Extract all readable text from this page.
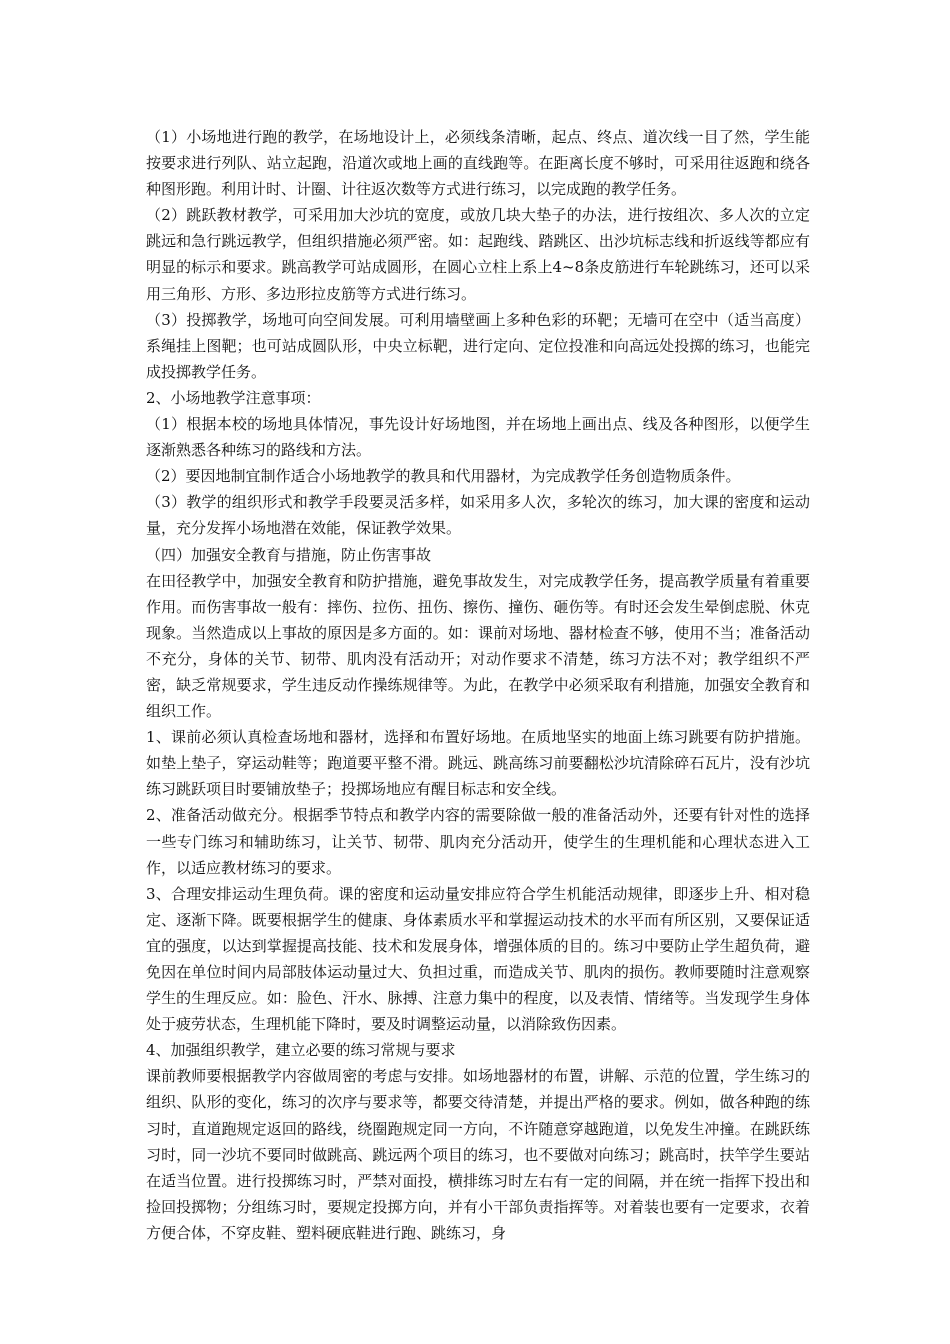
（1）小场地进行跑的教学，在场地设计上，必须线条清晰，起点、终点、道次线一目了然，学生能按要求进行列队、站立起跑，沿道次或地上画的直线跑等。在距离长度不够时，可采用往返跑和绕各种图形跑。利用计时、计圈、计往返次数等方式进行练习，以完成跑的教学任务。

（2）跳跃教材教学，可采用加大沙坑的宽度，或放几块大垫子的办法，进行按组次、多人次的立定跳远和急行跳远教学，但组织措施必须严密。如：起跑线、踏跳区、出沙坑标志线和折返线等都应有明显的标示和要求。跳高教学可站成圆形，在圆心立柱上系上4~8条皮筋进行车轮跳练习，还可以采用三角形、方形、多边形拉皮筋等方式进行练习。

（3）投掷教学，场地可向空间发展。可利用墙壁画上多种色彩的环靶；无墙可在空中（适当高度）系绳挂上图靶；也可站成圆队形，中央立标靶，进行定向、定位投准和向高远处投掷的练习，也能完成投掷教学任务。

2、小场地教学注意事项：

（1）根据本校的场地具体情况，事先设计好场地图，并在场地上画出点、线及各种图形，以便学生逐渐熟悉各种练习的路线和方法。

（2）要因地制宜制作适合小场地教学的教具和代用器材，为完成教学任务创造物质条件。

（3）教学的组织形式和教学手段要灵活多样，如采用多人次，多轮次的练习，加大课的密度和运动量，充分发挥小场地潜在效能，保证教学效果。

（四）加强安全教育与措施，防止伤害事故

在田径教学中，加强安全教育和防护措施，避免事故发生，对完成教学任务，提高教学质量有着重要作用。而伤害事故一般有：摔伤、拉伤、扭伤、擦伤、撞伤、砸伤等。有时还会发生晕倒虑脱、休克现象。当然造成以上事故的原因是多方面的。如：课前对场地、器材检查不够，使用不当；准备活动不充分，身体的关节、韧带、肌肉没有活动开；对动作要求不清楚，练习方法不对；教学组织不严密，缺乏常规要求，学生违反动作操练规律等。为此，在教学中必须采取有利措施，加强安全教育和组织工作。

1、课前必须认真检查场地和器材，选择和布置好场地。在质地坚实的地面上练习跳要有防护措施。如垫上垫子，穿运动鞋等；跑道要平整不滑。跳远、跳高练习前要翻松沙坑清除碎石瓦片，没有沙坑练习跳跃项目时要铺放垫子；投掷场地应有醒目标志和安全线。

2、准备活动做充分。根据季节特点和教学内容的需要除做一般的准备活动外，还要有针对性的选择一些专门练习和辅助练习，让关节、韧带、肌肉充分活动开，使学生的生理机能和心理状态进入工作，以适应教材练习的要求。

3、合理安排运动生理负荷。课的密度和运动量安排应符合学生机能活动规律，即逐步上升、相对稳定、逐渐下降。既要根据学生的健康、身体素质水平和掌握运动技术的水平而有所区别，又要保证适宜的强度，以达到掌握提高技能、技术和发展身体，增强体质的目的。练习中要防止学生超负荷，避免因在单位时间内局部肢体运动量过大、负担过重，而造成关节、肌肉的损伤。教师要随时注意观察学生的生理反应。如：脸色、汗水、脉搏、注意力集中的程度，以及表情、情绪等。当发现学生身体处于疲劳状态，生理机能下降时，要及时调整运动量，以消除致伤因素。

4、加强组织教学，建立必要的练习常规与要求

课前教师要根据教学内容做周密的考虑与安排。如场地器材的布置，讲解、示范的位置，学生练习的组织、队形的变化，练习的次序与要求等，都要交待清楚，并提出严格的要求。例如，做各种跑的练习时，直道跑规定返回的路线，绕圈跑规定同一方向，不许随意穿越跑道，以免发生冲撞。在跳跃练习时，同一沙坑不要同时做跳高、跳远两个项目的练习，也不要做对向练习；跳高时，扶竿学生要站在适当位置。进行投掷练习时，严禁对面投，横排练习时左右有一定的间隔，并在统一指挥下投出和捡回投掷物；分组练习时，要规定投掷方向，并有小干部负责指挥等。对着装也要有一定要求，衣着方便合体，不穿皮鞋、塑料硬底鞋进行跑、跳练习，身
